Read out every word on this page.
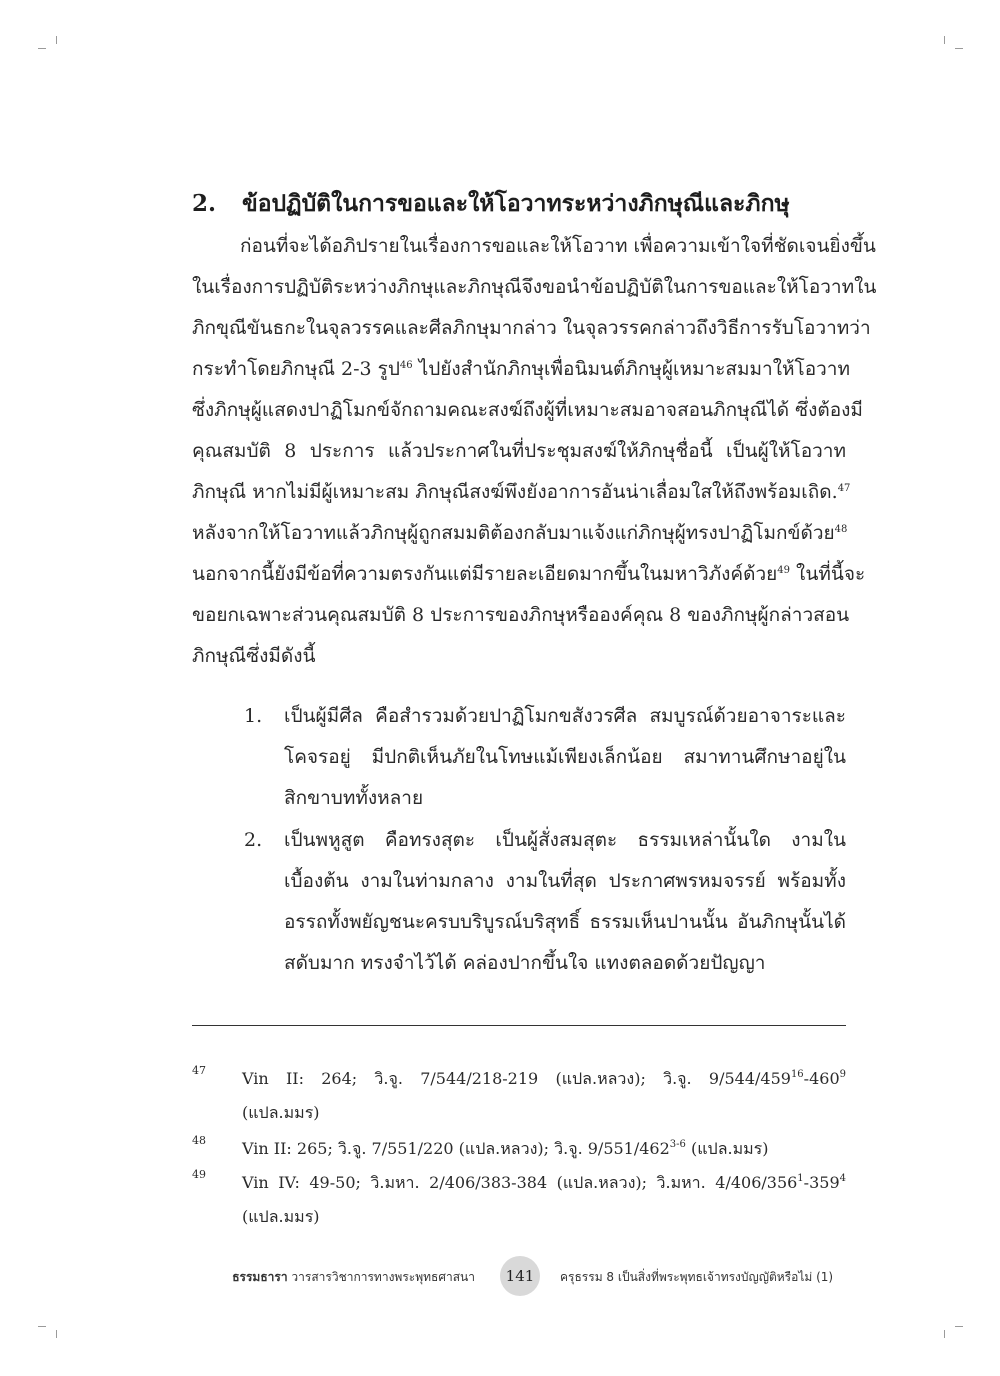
2. ข้อปฏิบัติในการขอและให้โอวาทระหว่างภิกษุณีและภิกษุ
ก่อนที่จะได้อภิปรายในเรื่องการขอและให้โอวาท เพื่อความเข้าใจที่ชัดเจนยิ่งขึ้น
ในเรื่องการปฏิบัติระหว่างภิกษุและภิกษุณีจึงขอนำข้อปฏิบัติในการขอและให้โอวาทใน
ภิกขุณีขันธกะในจุลวรรคและศีลภิกษุมากล่าว ในจุลวรรคกล่าวถึงวิธีการรับโอวาทว่า
กระทำโดยภิกษุณี 2-3 รูป$^{46}$ ไปยังสำนักภิกษุเพื่อนิมนต์ภิกษุผู้เหมาะสมมาให้โอวาท
ซึ่งภิกษุผู้แสดงปาฏิโมกข์จักถามคณะสงฆ์ถึงผู้ที่เหมาะสมอาจสอนภิกษุณีได้ ซึ่งต้องมี
คุณสมบัติ 8 ประการ แล้วประกาศในที่ประชุมสงฆ์ให้ภิกษุชื่อนี้ เป็นผู้ให้โอวาท
ภิกษุณี หากไม่มีผู้เหมาะสม ภิกษุณีสงฆ์พึงยังอาการอันน่าเลื่อมใสให้ถึงพร้อมเถิด.$^{47}$
หลังจากให้โอวาทแล้วภิกษุผู้ถูกสมมติต้องกลับมาแจ้งแก่ภิกษุผู้ทรงปาฏิโมกข์ด้วย$^{48}$
นอกจากนี้ยังมีข้อที่ความตรงกันแต่มีรายละเอียดมากขึ้นในมหาวิภังค์ด้วย$^{49}$ ในที่นี้จะ
ขอยกเฉพาะส่วนคุณสมบัติ 8 ประการของภิกษุหรือองค์คุณ 8 ของภิกษุผู้กล่าวสอน
ภิกษุณีซึ่งมีดังนี้
1. เป็นผู้มีศีล คือสำรวมด้วยปาฏิโมกขสังวรศีล สมบูรณ์ด้วยอาจาระและ
โคจรอยู่ มีปกติเห็นภัยในโทษแม้เพียงเล็กน้อย สมาทานศึกษาอยู่ใน
สิกขาบททั้งหลาย
2. เป็นพหูสูต คือทรงสุตะ เป็นผู้สั่งสมสุตะ ธรรมเหล่านั้นใด งามใน
เบื้องต้น งามในท่ามกลาง งามในที่สุด ประกาศพรหมจรรย์ พร้อมทั้ง
อรรถทั้งพยัญชนะครบบริบูรณ์บริสุทธิ์ ธรรมเห็นปานนั้น อันภิกษุนั้นได้
สดับมาก ทรงจำไว้ได้ คล่องปากขึ้นใจ แทงตลอดด้วยปัญญา
47 Vin II: 264; วิ.จู. 7/544/218-219 (แปล.หลวง); วิ.จู. $9/544/459^{16}-460^9$
(แปล.มมร)
48 Vin II: 265; วิ.จู. 7/551/220 (แปล.หลวง); วิ.จู. 9/551/462$^{3-6}$ (แปล.มมร)
49 Vin IV: 49-50; วิ.มหา. 2/406/383-384 (แปล.หลวง); วิ.มหา. $4/406/356^1-359^4$
(แปล.มมร)
ธรรมธารา วารสารวิชาการทางพระพุทธศาสนา	141	ครุธรรม 8 เป็นสิ่งที่พระพุทธเจ้าทรงบัญญัติหรือไม่ (1)
